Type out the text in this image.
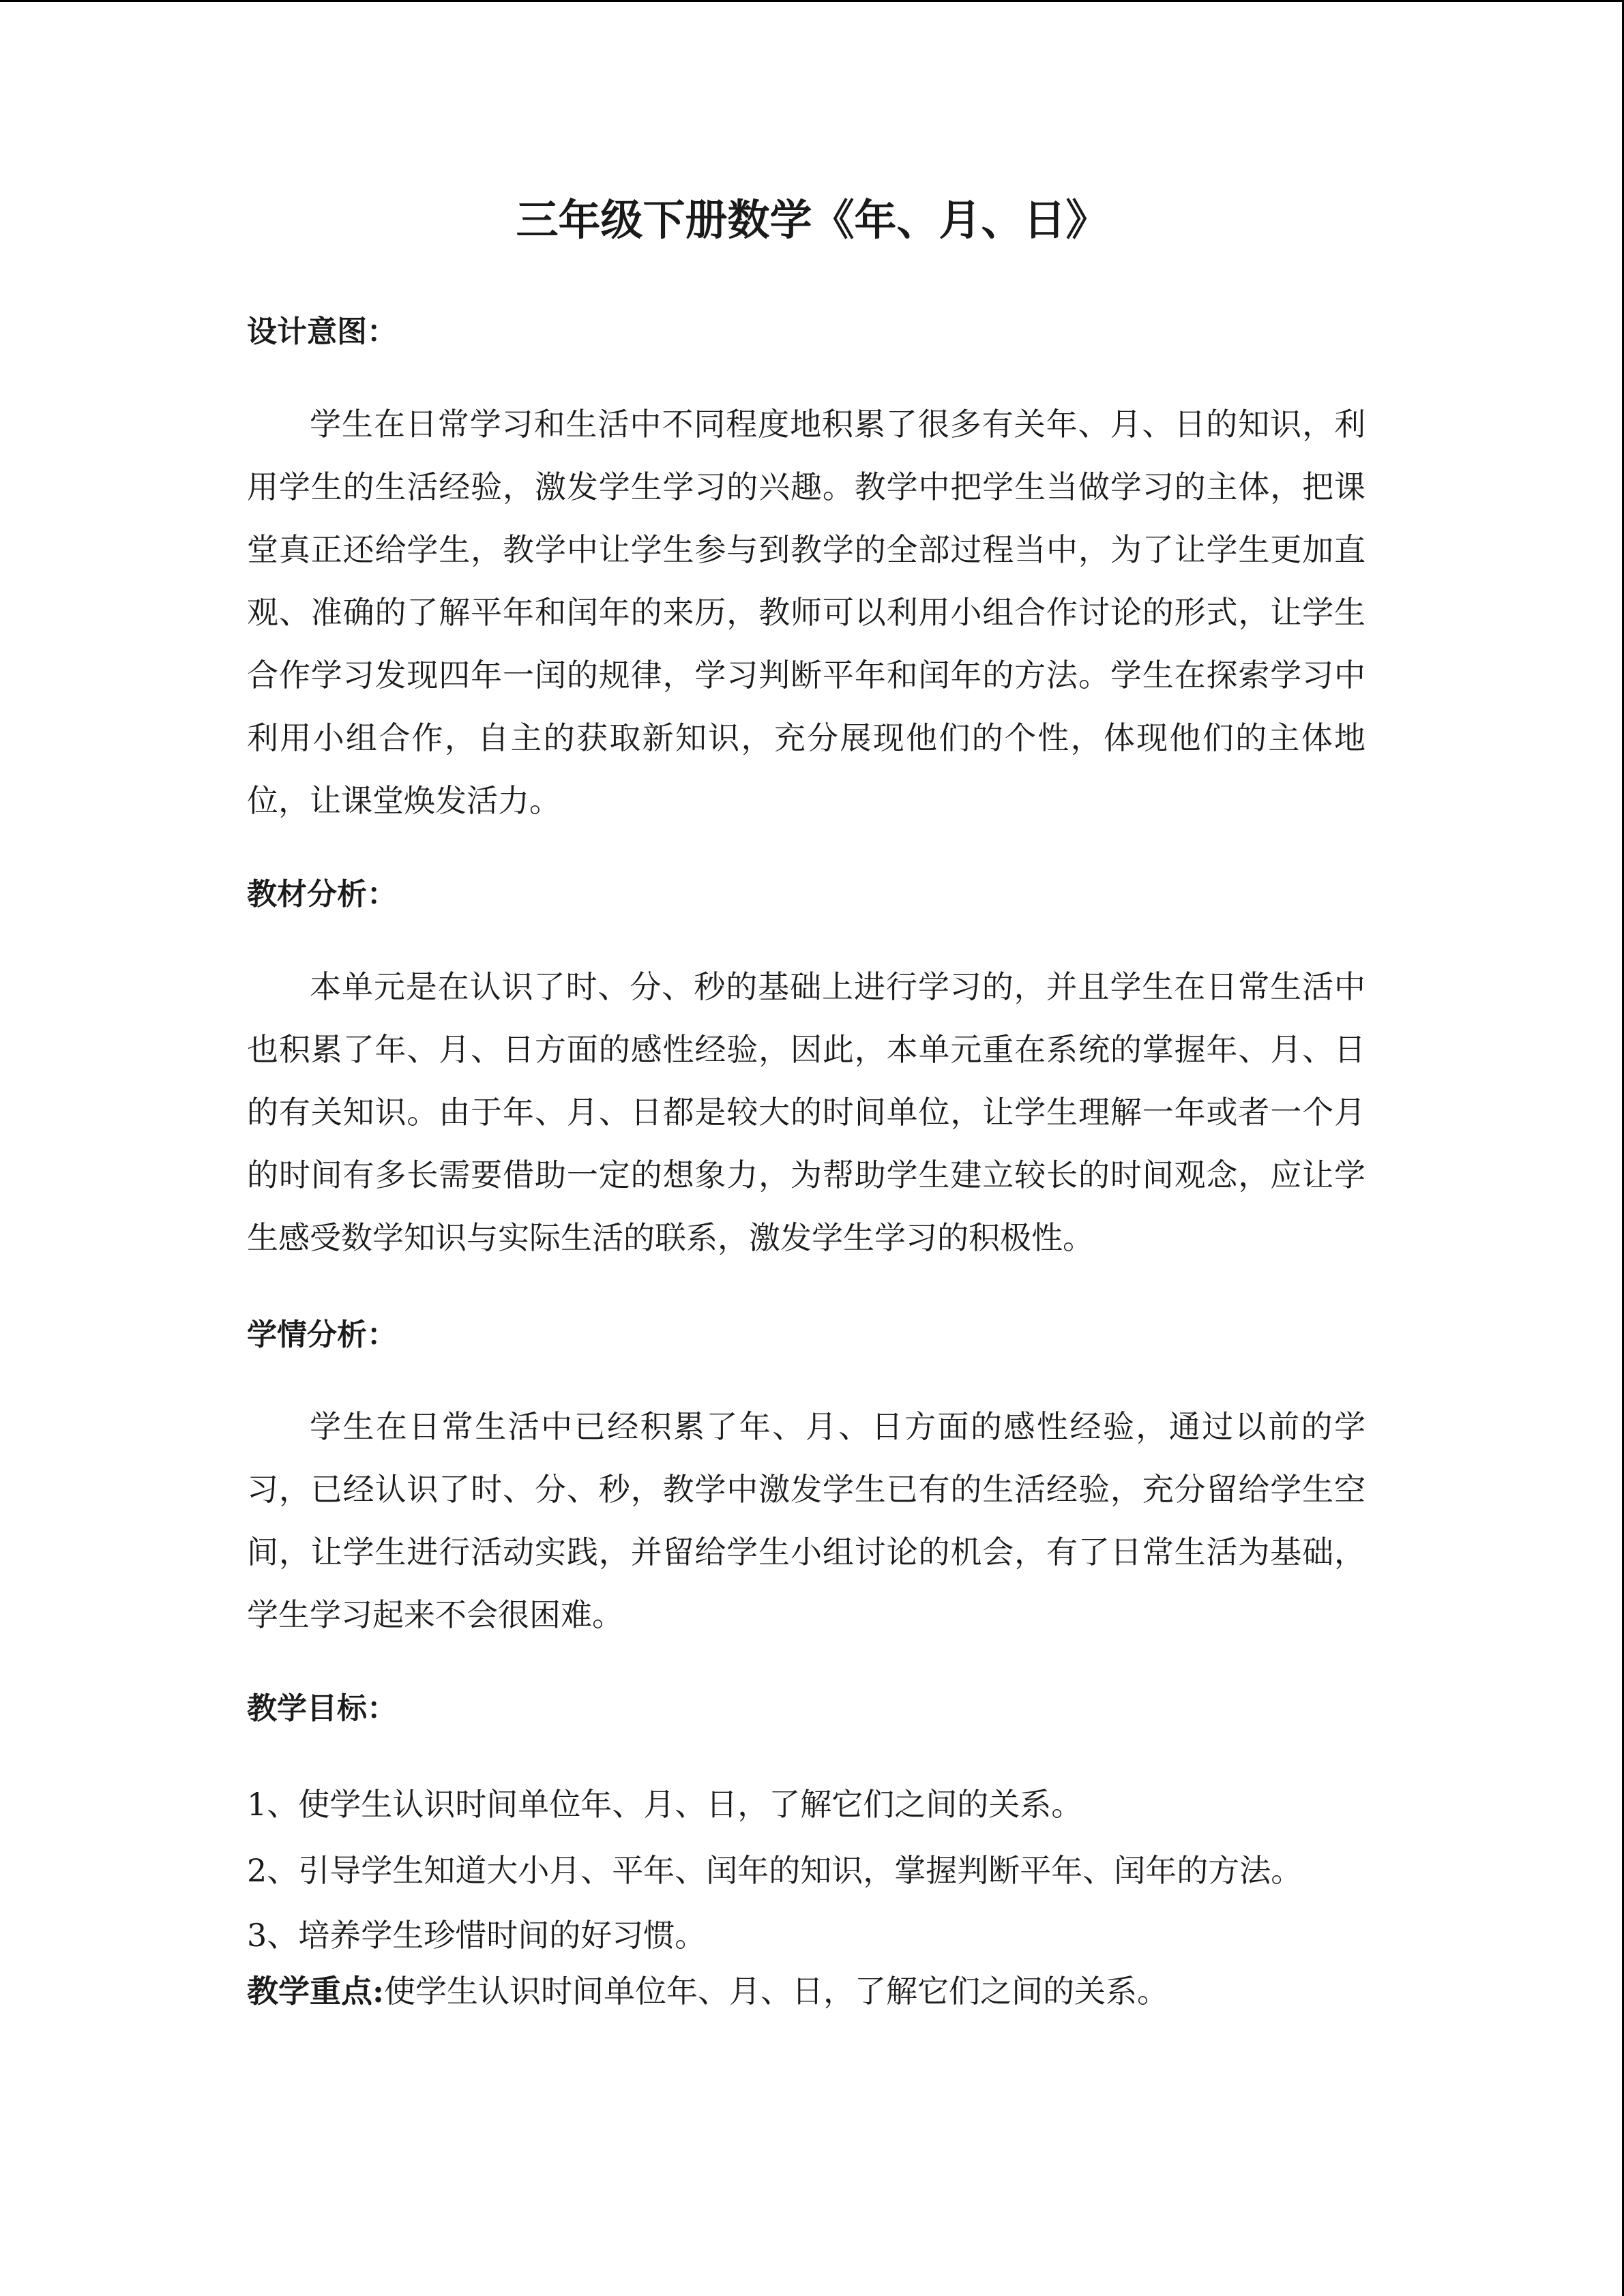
三年级下册数学《年、月、日》
设计意图：
学生在日常学习和生活中不同程度地积累了很多有关年、月、日的知识，利用学生的生活经验，激发学生学习的兴趣。教学中把学生当做学习的主体，把课堂真正还给学生，教学中让学生参与到教学的全部过程当中，为了让学生更加直观、准确的了解平年和闰年的来历，教师可以利用小组合作讨论的形式，让学生合作学习发现四年一闰的规律，学习判断平年和闰年的方法。学生在探索学习中利用小组合作，自主的获取新知识，充分展现他们的个性，体现他们的主体地位，让课堂焕发活力。
教材分析：
本单元是在认识了时、分、秒的基础上进行学习的，并且学生在日常生活中也积累了年、月、日方面的感性经验，因此，本单元重在系统的掌握年、月、日的有关知识。由于年、月、日都是较大的时间单位，让学生理解一年或者一个月的时间有多长需要借助一定的想象力，为帮助学生建立较长的时间观念，应让学生感受数学知识与实际生活的联系，激发学生学习的积极性。
学情分析：
学生在日常生活中已经积累了年、月、日方面的感性经验，通过以前的学习，已经认识了时、分、秒，教学中激发学生已有的生活经验，充分留给学生空间，让学生进行活动实践，并留给学生小组讨论的机会，有了日常生活为基础，学生学习起来不会很困难。
教学目标：
1、使学生认识时间单位年、月、日，了解它们之间的关系。
2、引导学生知道大小月、平年、闰年的知识，掌握判断平年、闰年的方法。
3、培养学生珍惜时间的好习惯。
教学重点:使学生认识时间单位年、月、日，了解它们之间的关系。
